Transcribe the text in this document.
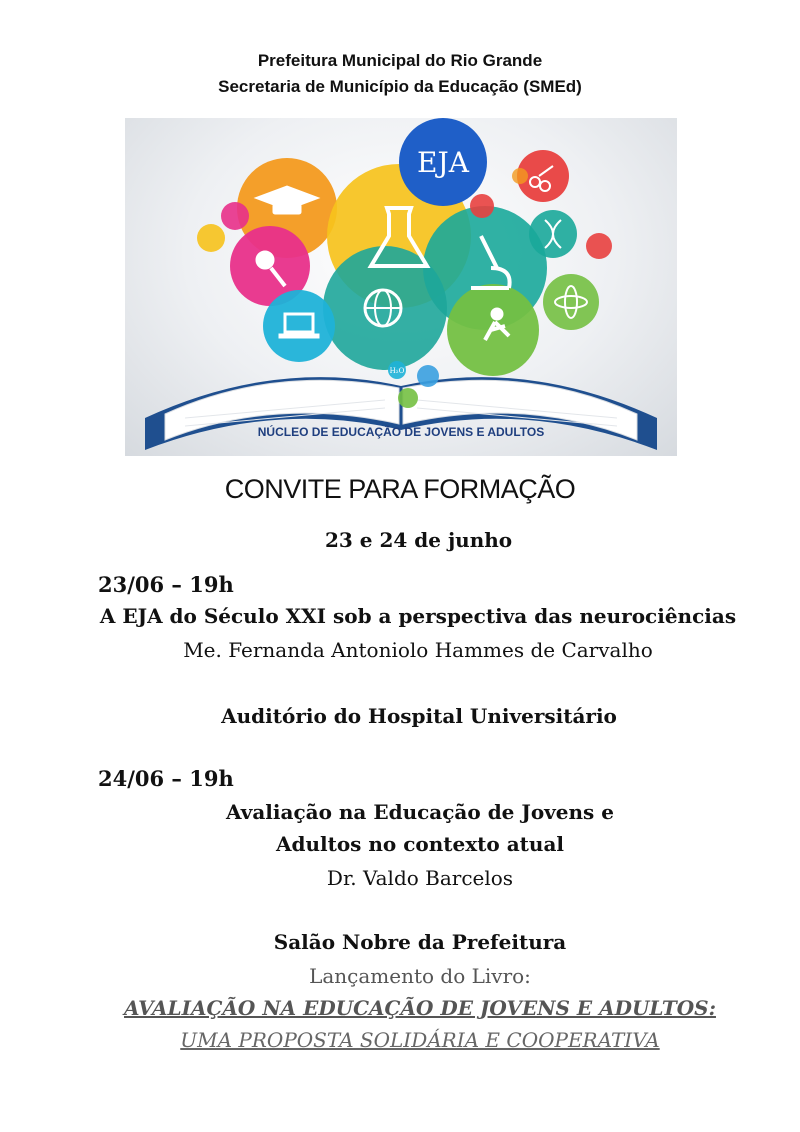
Prefeitura Municipal do Rio Grande
Secretaria de Município da Educação (SMEd)
EJA
H₂O
NÚCLEO DE EDUCAÇÃO DE JOVENS E ADULTOS
CONVITE PARA FORMAÇÃO
23 e 24 de junho
23/06 – 19h
A EJA do Século XXI sob a perspectiva das neurociências
Me. Fernanda Antoniolo Hammes de Carvalho
Auditório do Hospital Universitário
24/06 – 19h
Avaliação na Educação de Jovens e
Adultos no contexto atual
Dr. Valdo Barcelos
Salão Nobre da Prefeitura
Lançamento do Livro:
AVALIAÇÃO NA EDUCAÇÃO DE JOVENS E ADULTOS:
UMA PROPOSTA SOLIDÁRIA E COOPERATIVA
